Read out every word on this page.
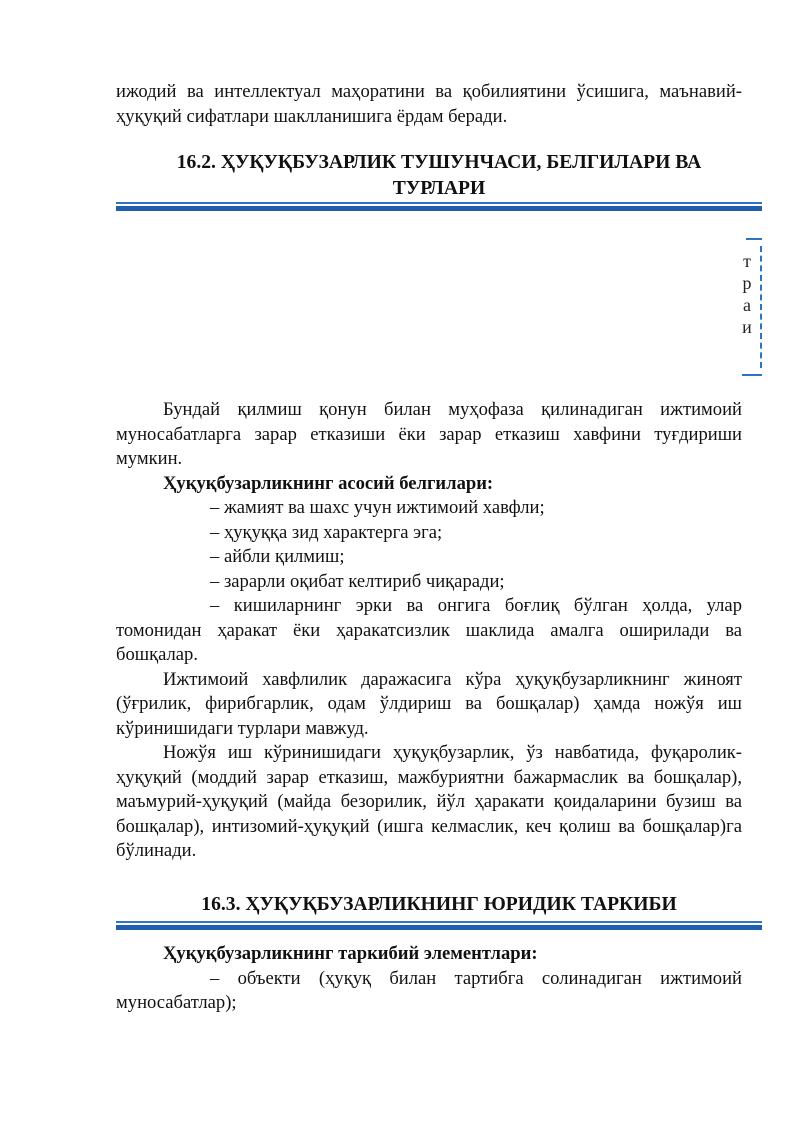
ижодий ва интеллектуал маҳоратини ва қобилиятини ўсишига, маънавий-ҳуқуқий сифатлари шаклланишига ёрдам беради.

16.2. ҲУҚУҚБУЗАРЛИК ТУШУНЧАСИ, БЕЛГИЛАРИ ВА
ТУРЛАРИ
т
р
а
и

Бундай қилмиш қонун билан муҳофаза қилинадиган ижтимоий муносабатларга зарар етказиши ёки зарар етказиш хавфини туғдириши мумкин.

Ҳуқуқбузарликнинг асосий белгилари:

– жамият ва шахс учун ижтимоий хавфли;

– ҳуқуққа зид характерга эга;

– айбли қилмиш;

– зарарли оқибат келтириб чиқаради;

– кишиларнинг эрки ва онгига боғлиқ бўлган ҳолда, улар томонидан ҳаракат ёки ҳаракатсизлик шаклида амалга оширилади ва бошқалар.

Ижтимоий хавфлилик даражасига кўра ҳуқуқбузарликнинг жиноят (ўғрилик, фирибгарлик, одам ўлдириш ва бошқалар) ҳамда ножўя иш кўринишидаги турлари мавжуд.

Ножўя иш кўринишидаги ҳуқуқбузарлик, ўз навбатида, фуқаролик-ҳуқуқий (моддий зарар етказиш, мажбуриятни бажармаслик ва бошқалар), маъмурий-ҳуқуқий (майда безорилик, йўл ҳаракати қоидаларини бузиш ва бошқалар), интизомий-ҳуқуқий (ишга келмаслик, кеч қолиш ва бошқалар)га бўлинади.

16.3. ҲУҚУҚБУЗАРЛИКНИНГ ЮРИДИК ТАРКИБИ

Ҳуқуқбузарликнинг таркибий элементлари:

– объекти (ҳуқуқ билан тартибга солинадиган ижтимоий муносабатлар);
